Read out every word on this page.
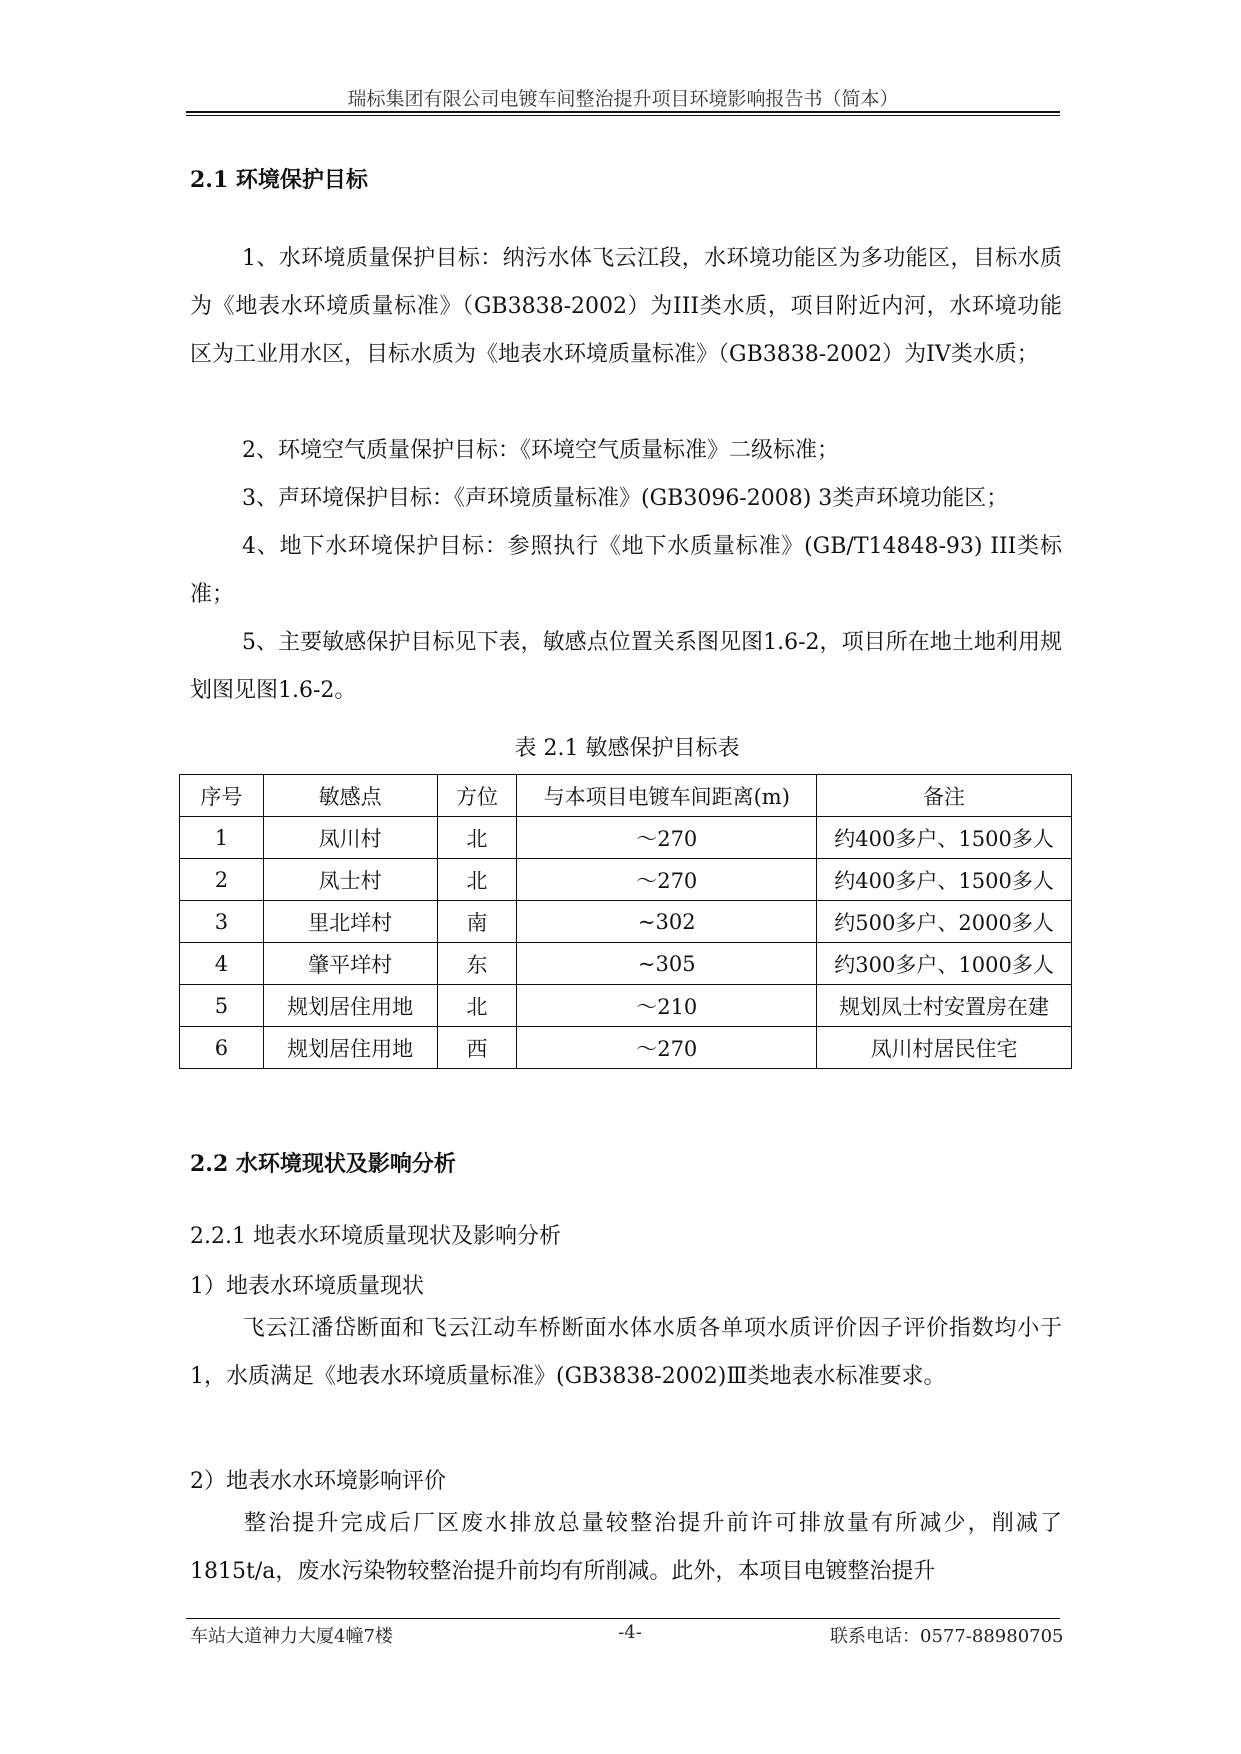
瑞标集团有限公司电镀车间整治提升项目环境影响报告书（简本）
2.1 环境保护目标
1、水环境质量保护目标：纳污水体飞云江段，水环境功能区为多功能区，目标水质为《地表水环境质量标准》（GB3838-2002）为III类水质，项目附近内河，水环境功能区为工业用水区，目标水质为《地表水环境质量标准》（GB3838-2002）为IV类水质；
2、环境空气质量保护目标：《环境空气质量标准》二级标准；
3、声环境保护目标：《声环境质量标准》(GB3096-2008) 3类声环境功能区；
4、地下水环境保护目标：参照执行《地下水质量标准》(GB/T14848-93) III类标准；
5、主要敏感保护目标见下表，敏感点位置关系图见图1.6-2，项目所在地土地利用规划图见图1.6-2。
表 2.1 敏感保护目标表
序号	敏感点	方位	与本项目电镀车间距离(m)	备注
1	凤川村	北	～270	约400多户、1500多人
2	凤士村	北	～270	约400多户、1500多人
3	里北垟村	南	~302	约500多户、2000多人
4	肇平垟村	东	~305	约300多户、1000多人
5	规划居住用地	北	～210	规划凤士村安置房在建
6	规划居住用地	西	～270	凤川村居民住宅
2.2 水环境现状及影响分析
2.2.1 地表水环境质量现状及影响分析
1）地表水环境质量现状
飞云江潘岱断面和飞云江动车桥断面水体水质各单项水质评价因子评价指数均小于1，水质满足《地表水环境质量标准》(GB3838-2002)Ⅲ类地表水标准要求。
2）地表水水环境影响评价
整治提升完成后厂区废水排放总量较整治提升前许可排放量有所减少，削减了1815t/a，废水污染物较整治提升前均有所削减。此外，本项目电镀整治提升
车站大道神力大厦4幢7楼	-4-	联系电话：0577-88980705
